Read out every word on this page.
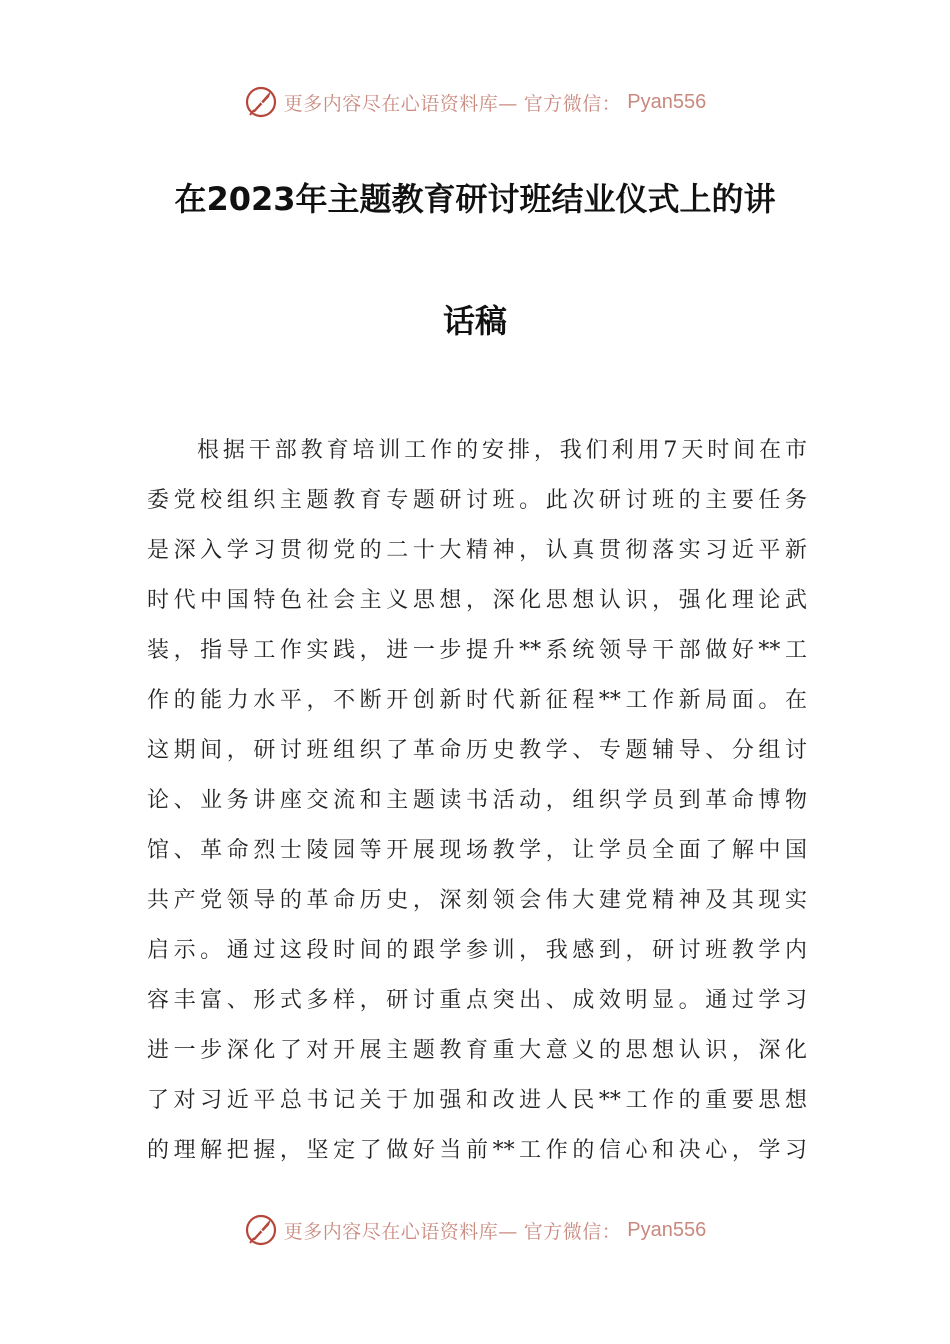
更多内容尽在心语资料库— 官方微信： Pyan556
在2023年主题教育研讨班结业仪式上的讲
话稿
根据干部教育培训工作的安排，我们利用7天时间在市
委党校组织主题教育专题研讨班。此次研讨班的主要任务
是深入学习贯彻党的二十大精神，认真贯彻落实习近平新
时代中国特色社会主义思想，深化思想认识，强化理论武
装，指导工作实践，进一步提升**系统领导干部做好**工
作的能力水平，不断开创新时代新征程**工作新局面。在
这期间，研讨班组织了革命历史教学、专题辅导、分组讨
论、业务讲座交流和主题读书活动，组织学员到革命博物
馆、革命烈士陵园等开展现场教学，让学员全面了解中国
共产党领导的革命历史，深刻领会伟大建党精神及其现实
启示。通过这段时间的跟学参训，我感到，研讨班教学内
容丰富、形式多样，研讨重点突出、成效明显。通过学习
进一步深化了对开展主题教育重大意义的思想认识，深化
了对习近平总书记关于加强和改进人民**工作的重要思想
的理解把握，坚定了做好当前**工作的信心和决心，学习
更多内容尽在心语资料库— 官方微信： Pyan556
